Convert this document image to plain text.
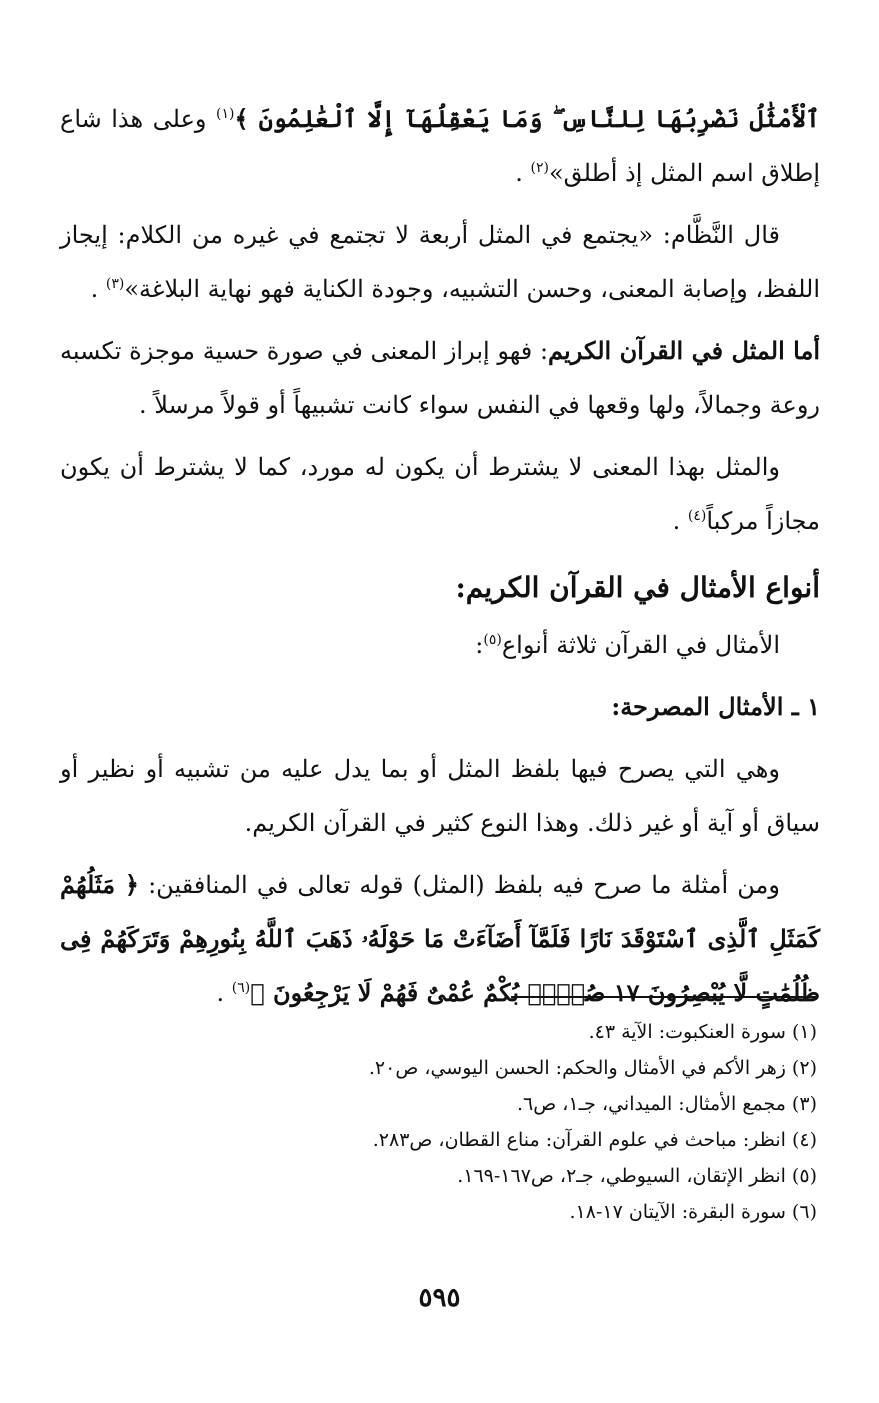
ٱلْأَمْثَٰلُ نَضْرِبُهَا لِلنَّاسِ ۖ وَمَا يَعْقِلُهَآ إِلَّا ٱلْعَٰلِمُونَ ﴾$^{(١)}$ وعلى هذا شاع إطلاق اسم المثل إذ أطلق»$^{(٢)}$ .

قال النَّظَّام: «يجتمع في المثل أربعة لا تجتمع في غيره من الكلام: إيجاز اللفظ، وإصابة المعنى، وحسن التشبيه، وجودة الكناية فهو نهاية البلاغة»$^{(٣)}$ .

أما المثل في القرآن الكريم: فهو إبراز المعنى في صورة حسية موجزة تكسبه روعة وجمالاً، ولها وقعها في النفس سواء كانت تشبيهاً أو قولاً مرسلاً .

والمثل بهذا المعنى لا يشترط أن يكون له مورد، كما لا يشترط أن يكون مجازاً مركباً$^{(٤)}$ .

أنواع الأمثال في القرآن الكريم:

الأمثال في القرآن ثلاثة أنواع$^{(٥)}$:

١ ـ الأمثال المصرحة:

وهي التي يصرح فيها بلفظ المثل أو بما يدل عليه من تشبيه أو نظير أو سياق أو آية أو غير ذلك. وهذا النوع كثير في القرآن الكريم.

ومن أمثلة ما صرح فيه بلفظ (المثل) قوله تعالى في المنافقين: ﴿ مَثَلُهُمْ كَمَثَلِ ٱلَّذِى ٱسْتَوْقَدَ نَارًا فَلَمَّآ أَضَآءَتْ مَا حَوْلَهُۥ ذَهَبَ ٱللَّهُ بِنُورِهِمْ وَتَرَكَهُمْ فِى ظُلُمَٰتٍ لَّا يُبْصِرُونَ ١٧ صُمٌّۢ بُكْمٌ عُمْىٌ فَهُمْ لَا يَرْجِعُونَ ﴾$^{(٦)}$ .

(١) سورة العنكبوت: الآية ٤٣.
(٢) زهر الأكم في الأمثال والحكم: الحسن اليوسي، ص٢٠.
(٣) مجمع الأمثال: الميداني، جـ١، ص٦.
(٤) انظر: مباحث في علوم القرآن: مناع القطان، ص٢٨٣.
(٥) انظر الإتقان، السيوطي، جـ٢، ص١٦٧-١٦٩.
(٦) سورة البقرة: الآيتان ١٧-١٨.
٥٩٥
